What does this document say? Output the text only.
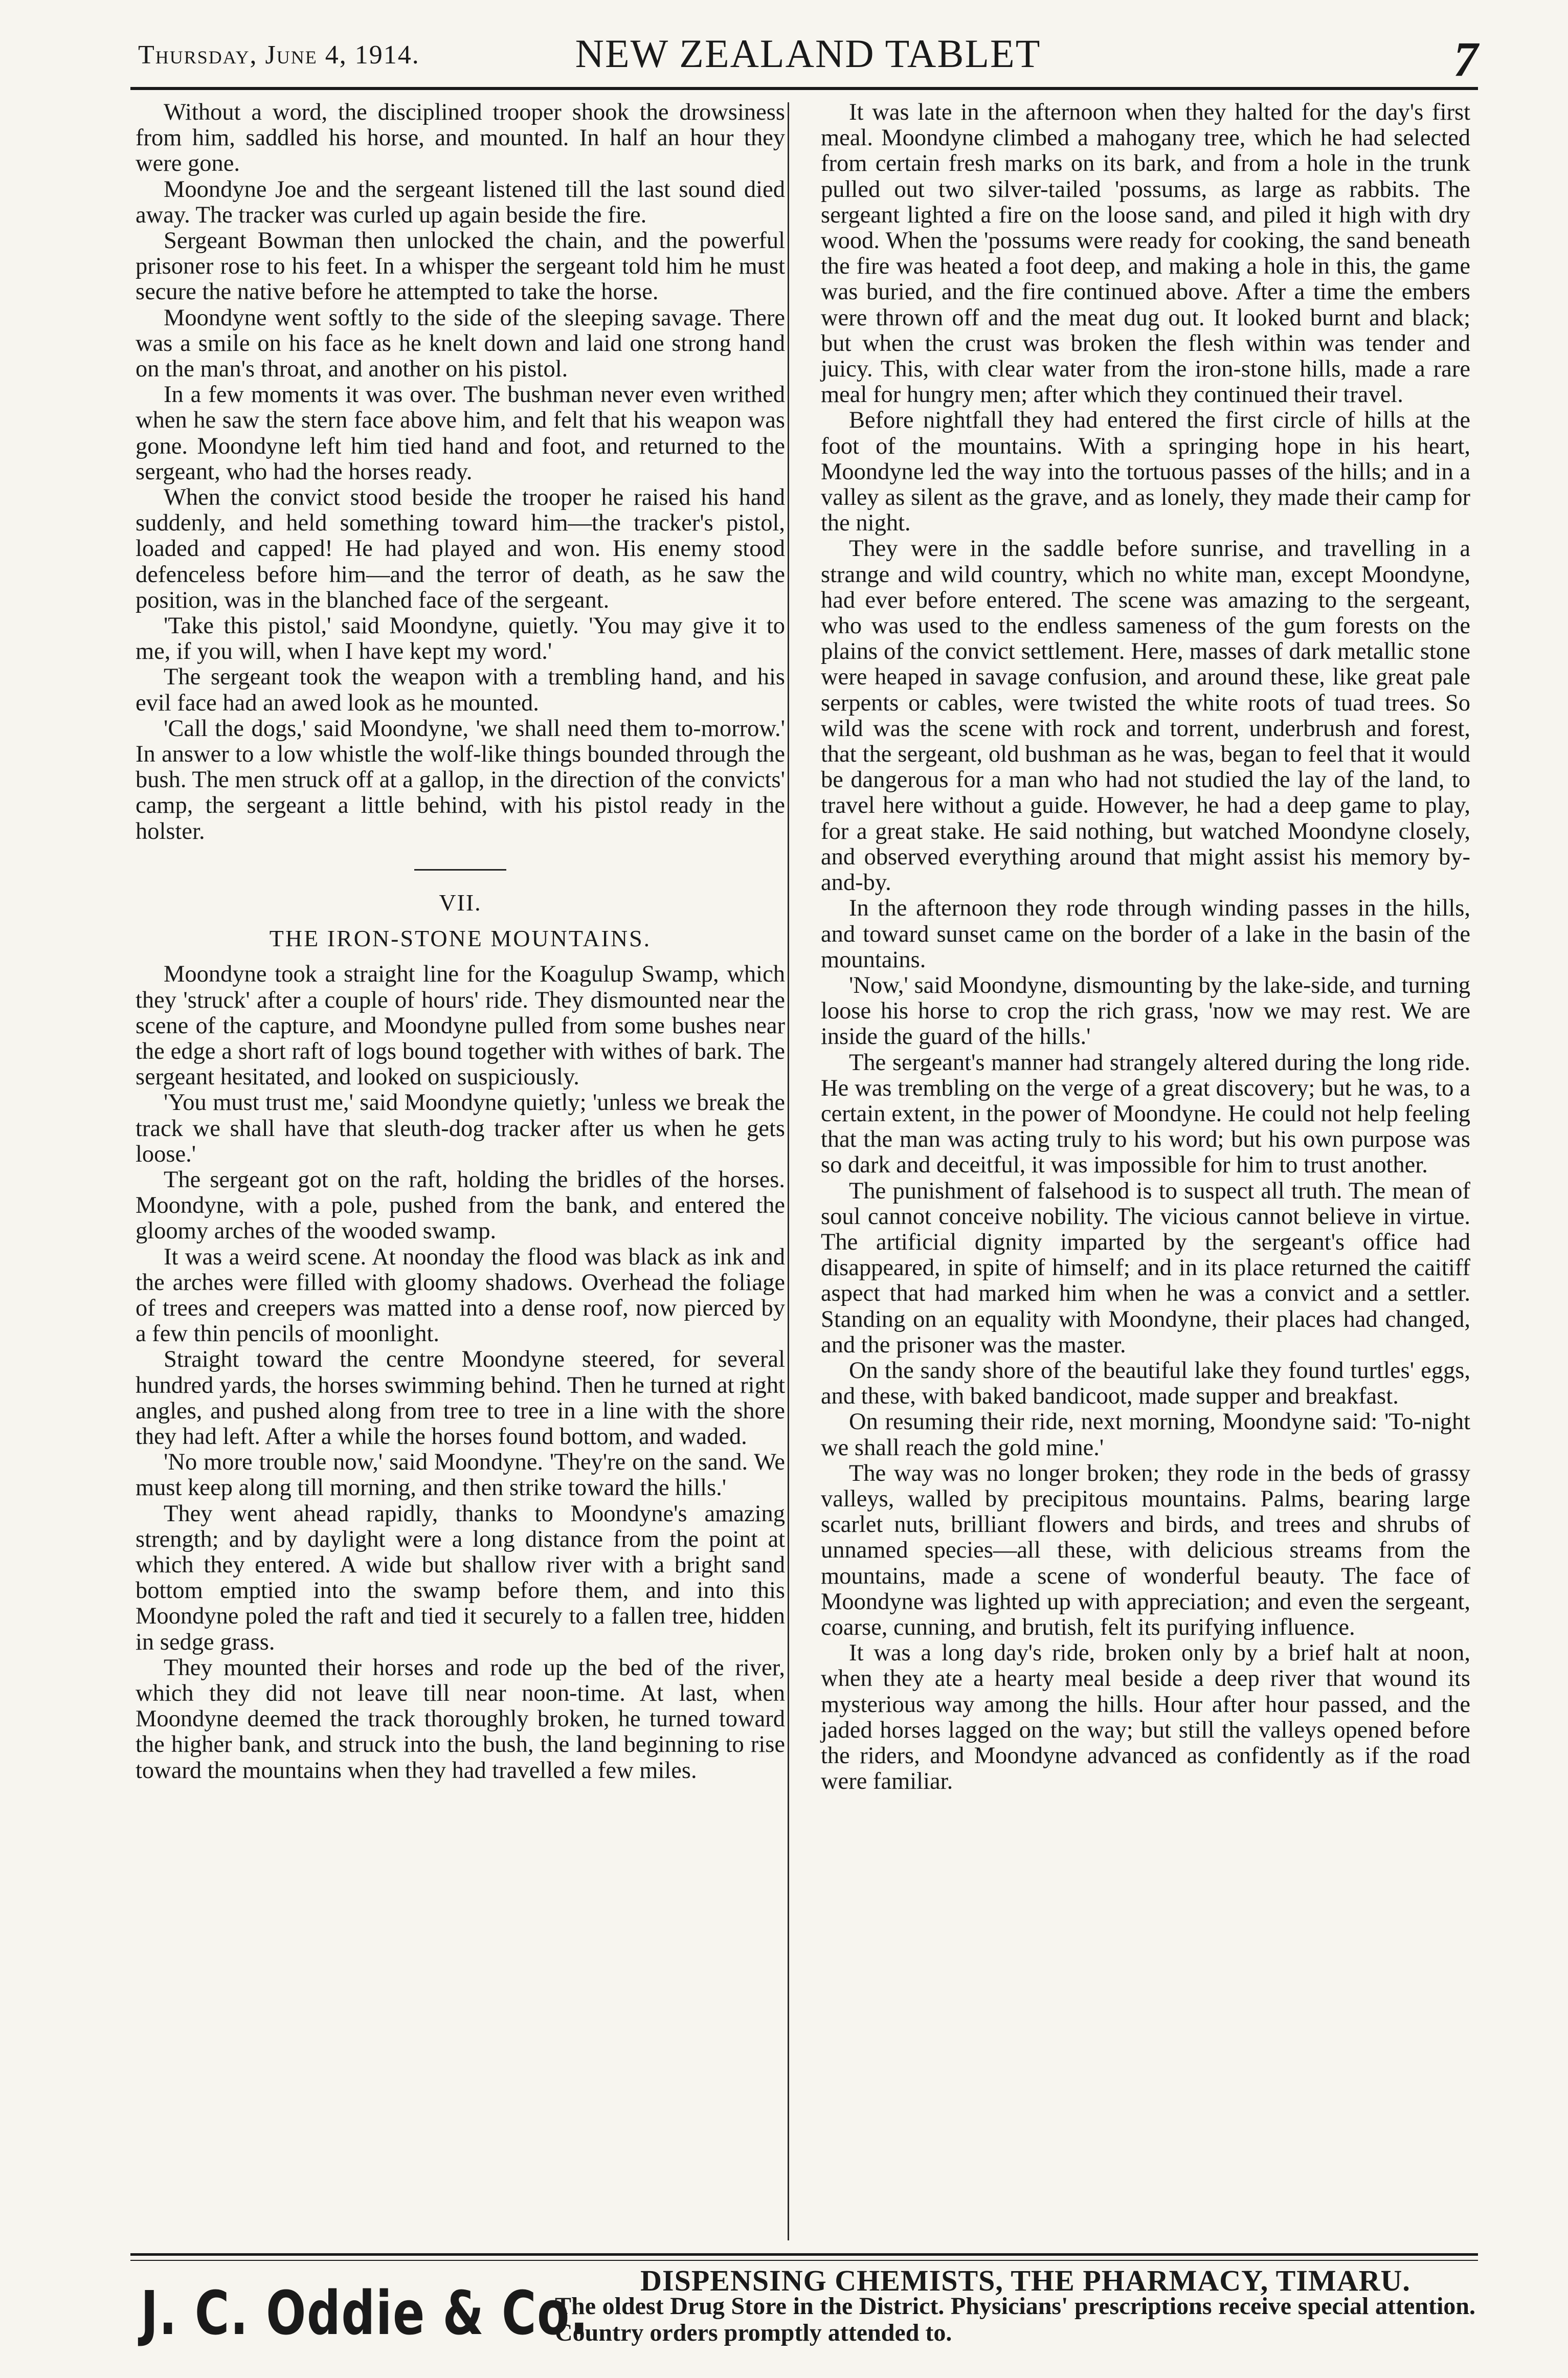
Thursday, June 4, 1914.	NEW ZEALAND TABLET	7

Without a word, the disciplined trooper shook the drowsiness from him, saddled his horse, and mounted. In half an hour they were gone.

Moondyne Joe and the sergeant listened till the last sound died away. The tracker was curled up again beside the fire.

Sergeant Bowman then unlocked the chain, and the powerful prisoner rose to his feet. In a whisper the sergeant told him he must secure the native before he attempted to take the horse.

Moondyne went softly to the side of the sleeping savage. There was a smile on his face as he knelt down and laid one strong hand on the man's throat, and another on his pistol.

In a few moments it was over. The bushman never even writhed when he saw the stern face above him, and felt that his weapon was gone. Moondyne left him tied hand and foot, and returned to the sergeant, who had the horses ready.

When the convict stood beside the trooper he raised his hand suddenly, and held something toward him—the tracker's pistol, loaded and capped! He had played and won. His enemy stood defenceless before him—and the terror of death, as he saw the position, was in the blanched face of the sergeant.

'Take this pistol,' said Moondyne, quietly. 'You may give it to me, if you will, when I have kept my word.'

The sergeant took the weapon with a trembling hand, and his evil face had an awed look as he mounted.

'Call the dogs,' said Moondyne, 'we shall need them to-morrow.' In answer to a low whistle the wolf-like things bounded through the bush. The men struck off at a gallop, in the direction of the convicts' camp, the sergeant a little behind, with his pistol ready in the holster.

VII.
THE IRON-STONE MOUNTAINS.

Moondyne took a straight line for the Koagulup Swamp, which they 'struck' after a couple of hours' ride. They dismounted near the scene of the capture, and Moondyne pulled from some bushes near the edge a short raft of logs bound together with withes of bark. The sergeant hesitated, and looked on suspiciously.

'You must trust me,' said Moondyne quietly; 'unless we break the track we shall have that sleuth-dog tracker after us when he gets loose.'

The sergeant got on the raft, holding the bridles of the horses. Moondyne, with a pole, pushed from the bank, and entered the gloomy arches of the wooded swamp.

It was a weird scene. At noonday the flood was black as ink and the arches were filled with gloomy shadows. Overhead the foliage of trees and creepers was matted into a dense roof, now pierced by a few thin pencils of moonlight.

Straight toward the centre Moondyne steered, for several hundred yards, the horses swimming behind. Then he turned at right angles, and pushed along from tree to tree in a line with the shore they had left. After a while the horses found bottom, and waded.

'No more trouble now,' said Moondyne. 'They're on the sand. We must keep along till morning, and then strike toward the hills.'

They went ahead rapidly, thanks to Moondyne's amazing strength; and by daylight were a long distance from the point at which they entered. A wide but shallow river with a bright sand bottom emptied into the swamp before them, and into this Moondyne poled the raft and tied it securely to a fallen tree, hidden in sedge grass.

They mounted their horses and rode up the bed of the river, which they did not leave till near noon-time. At last, when Moondyne deemed the track thoroughly broken, he turned toward the higher bank, and struck into the bush, the land beginning to rise toward the mountains when they had travelled a few miles.

It was late in the afternoon when they halted for the day's first meal. Moondyne climbed a mahogany tree, which he had selected from certain fresh marks on its bark, and from a hole in the trunk pulled out two silver-tailed 'possums, as large as rabbits. The sergeant lighted a fire on the loose sand, and piled it high with dry wood. When the 'possums were ready for cooking, the sand beneath the fire was heated a foot deep, and making a hole in this, the game was buried, and the fire continued above. After a time the embers were thrown off and the meat dug out. It looked burnt and black; but when the crust was broken the flesh within was tender and juicy. This, with clear water from the iron-stone hills, made a rare meal for hungry men; after which they continued their travel.

Before nightfall they had entered the first circle of hills at the foot of the mountains. With a springing hope in his heart, Moondyne led the way into the tortuous passes of the hills; and in a valley as silent as the grave, and as lonely, they made their camp for the night.

They were in the saddle before sunrise, and travelling in a strange and wild country, which no white man, except Moondyne, had ever before entered. The scene was amazing to the sergeant, who was used to the endless sameness of the gum forests on the plains of the convict settlement. Here, masses of dark metallic stone were heaped in savage confusion, and around these, like great pale serpents or cables, were twisted the white roots of tuad trees. So wild was the scene with rock and torrent, underbrush and forest, that the sergeant, old bushman as he was, began to feel that it would be dangerous for a man who had not studied the lay of the land, to travel here without a guide. However, he had a deep game to play, for a great stake. He said nothing, but watched Moondyne closely, and observed everything around that might assist his memory by-and-by.

In the afternoon they rode through winding passes in the hills, and toward sunset came on the border of a lake in the basin of the mountains.

'Now,' said Moondyne, dismounting by the lake-side, and turning loose his horse to crop the rich grass, 'now we may rest. We are inside the guard of the hills.'

The sergeant's manner had strangely altered during the long ride. He was trembling on the verge of a great discovery; but he was, to a certain extent, in the power of Moondyne. He could not help feeling that the man was acting truly to his word; but his own purpose was so dark and deceitful, it was impossible for him to trust another.

The punishment of falsehood is to suspect all truth. The mean of soul cannot conceive nobility. The vicious cannot believe in virtue. The artificial dignity imparted by the sergeant's office had disappeared, in spite of himself; and in its place returned the caitiff aspect that had marked him when he was a convict and a settler. Standing on an equality with Moondyne, their places had changed, and the prisoner was the master.

On the sandy shore of the beautiful lake they found turtles' eggs, and these, with baked bandicoot, made supper and breakfast.

On resuming their ride, next morning, Moondyne said: 'To-night we shall reach the gold mine.'

The way was no longer broken; they rode in the beds of grassy valleys, walled by precipitous mountains. Palms, bearing large scarlet nuts, brilliant flowers and birds, and trees and shrubs of unnamed species—all these, with delicious streams from the mountains, made a scene of wonderful beauty. The face of Moondyne was lighted up with appreciation; and even the sergeant, coarse, cunning, and brutish, felt its purifying influence.

It was a long day's ride, broken only by a brief halt at noon, when they ate a hearty meal beside a deep river that wound its mysterious way among the hills. Hour after hour passed, and the jaded horses lagged on the way; but still the valleys opened before the riders, and Moondyne advanced as confidently as if the road were familiar.

J. C. Oddie & Co.	DISPENSING CHEMISTS, THE PHARMACY, TIMARU.
The oldest Drug Store in the District. Physicians' prescriptions receive special attention. Country orders promptly attended to.
